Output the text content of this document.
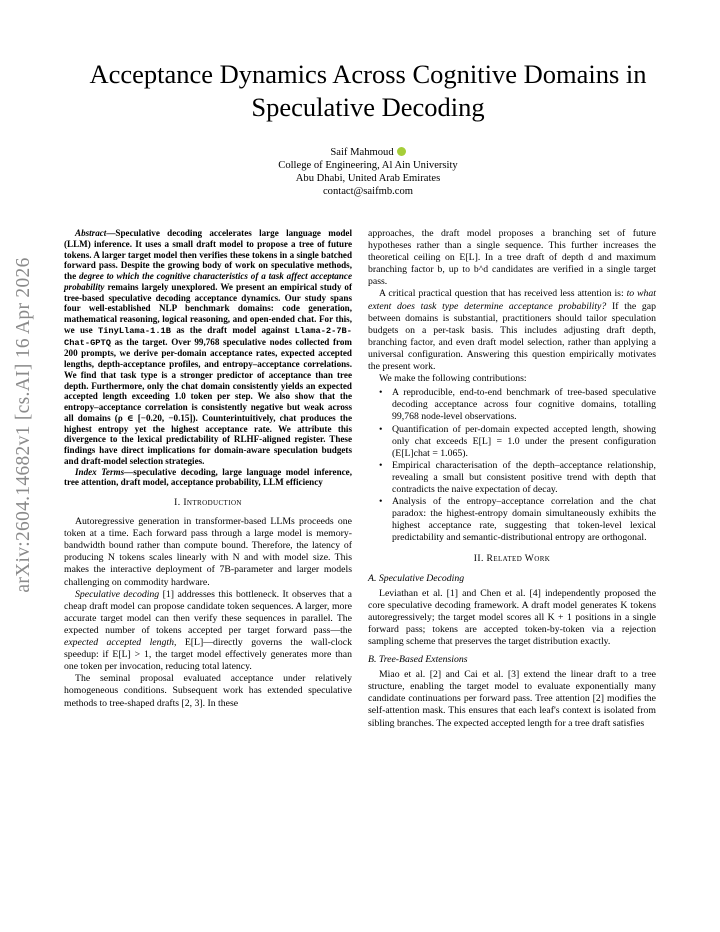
arXiv:2604.14682v1 [cs.AI] 16 Apr 2026
Acceptance Dynamics Across Cognitive Domains in Speculative Decoding
Saif Mahmoud
College of Engineering, Al Ain University
Abu Dhabi, United Arab Emirates
contact@saifmb.com

Abstract—Speculative decoding accelerates large language model (LLM) inference. It uses a small draft model to propose a tree of future tokens. A larger target model then verifies these tokens in a single batched forward pass. Despite the growing body of work on speculative methods, the degree to which the cognitive characteristics of a task affect acceptance probability remains largely unexplored. We present an empirical study of tree-based speculative decoding acceptance dynamics. Our study spans four well-established NLP benchmark domains: code generation, mathematical reasoning, logical reasoning, and open-ended chat. For this, we use TinyLlama-1.1B as the draft model against Llama-2-7B-Chat-GPTQ as the target. Over 99,768 speculative nodes collected from 200 prompts, we derive per-domain acceptance rates, expected accepted lengths, depth-acceptance profiles, and entropy–acceptance correlations. We find that task type is a stronger predictor of acceptance than tree depth. Furthermore, only the chat domain consistently yields an expected accepted length exceeding 1.0 token per step. We also show that the entropy–acceptance correlation is consistently negative but weak across all domains (ρ ∈ [−0.20, −0.15]). Counterintuitively, chat produces the highest entropy yet the highest acceptance rate. We attribute this divergence to the lexical predictability of RLHF-aligned register. These findings have direct implications for domain-aware speculation budgets and draft-model selection strategies.

Index Terms—speculative decoding, large language model inference, tree attention, draft model, acceptance probability, LLM efficiency

I. Introduction

Autoregressive generation in transformer-based LLMs proceeds one token at a time. Each forward pass through a large model is memory-bandwidth bound rather than compute bound. Therefore, the latency of producing N tokens scales linearly with N and with model size. This makes the interactive deployment of 7B-parameter and larger models challenging on commodity hardware.

Speculative decoding [1] addresses this bottleneck. It observes that a cheap draft model can propose candidate token sequences. A larger, more accurate target model can then verify these sequences in parallel. The expected number of tokens accepted per target forward pass—the expected accepted length, E[L]—directly governs the wall-clock speedup: if E[L] > 1, the target model effectively generates more than one token per invocation, reducing total latency.

The seminal proposal evaluated acceptance under relatively homogeneous conditions. Subsequent work has extended speculative methods to tree-shaped drafts [2, 3]. In these

approaches, the draft model proposes a branching set of future hypotheses rather than a single sequence. This further increases the theoretical ceiling on E[L]. In a tree draft of depth d and maximum branching factor b, up to b^d candidates are verified in a single target pass.

A critical practical question that has received less attention is: to what extent does task type determine acceptance probability? If the gap between domains is substantial, practitioners should tailor speculation budgets on a per-task basis. This includes adjusting draft depth, branching factor, and even draft model selection, rather than applying a universal configuration. Answering this question empirically motivates the present work.

We make the following contributions:

• A reproducible, end-to-end benchmark of tree-based speculative decoding acceptance across four cognitive domains, totalling 99,768 node-level observations.
• Quantification of per-domain expected accepted length, showing only chat exceeds E[L] = 1.0 under the present configuration (E[L]chat = 1.065).
• Empirical characterisation of the depth–acceptance relationship, revealing a small but consistent positive trend with depth that contradicts the naive expectation of decay.
• Analysis of the entropy–acceptance correlation and the chat paradox: the highest-entropy domain simultaneously exhibits the highest acceptance rate, suggesting that token-level lexical predictability and semantic-distributional entropy are orthogonal.
II. Related Work
A. Speculative Decoding

Leviathan et al. [1] and Chen et al. [4] independently proposed the core speculative decoding framework. A draft model generates K tokens autoregressively; the target model scores all K + 1 positions in a single forward pass; tokens are accepted token-by-token via a rejection sampling scheme that preserves the target distribution exactly.

B. Tree-Based Extensions

Miao et al. [2] and Cai et al. [3] extend the linear draft to a tree structure, enabling the target model to evaluate exponentially many candidate continuations per forward pass. Tree attention [2] modifies the self-attention mask. This ensures that each leaf's context is isolated from sibling branches. The expected accepted length for a tree draft satisfies
